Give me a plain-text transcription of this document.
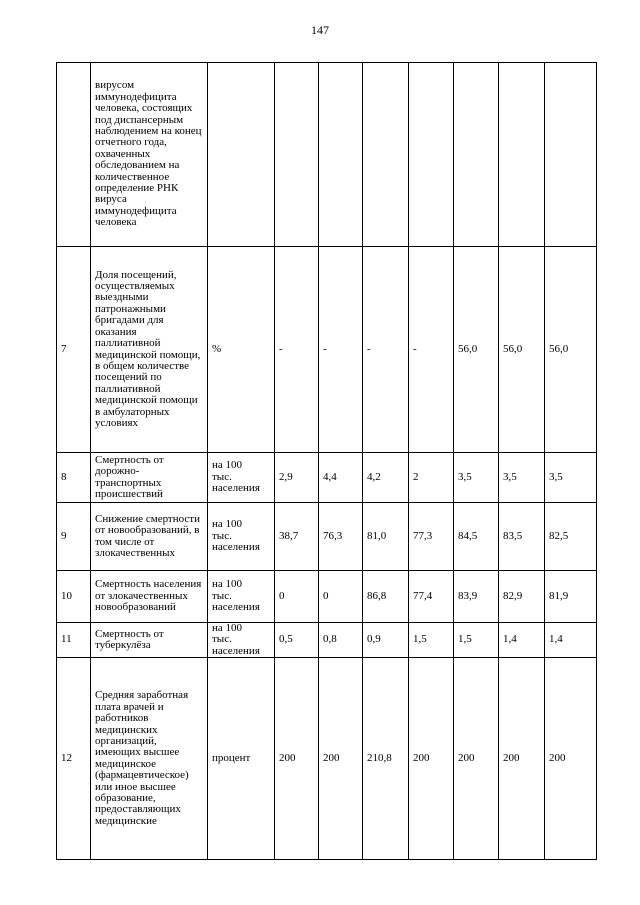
147
	вирусом иммунодефицита человека, состоящих под диспансерным наблюдением на конец отчетного года, охваченных обследованием на количественное определение РНК вируса иммунодефицита человека	

7	Доля посещений, осуществляемых выездными патронажными бригадами для оказания паллиативной медицинской помощи, в общем количестве посещений по паллиативной медицинской помощи в амбулаторных условиях	%	-	-	-	-	56,0	56,0	56,0
8	Смертность от дорожно-транспортных происшествий	на 100
тыс.
населения	2,9	4,4	4,2	2	3,5	3,5	3,5
9	Снижение смертности от новообразований, в том числе от злокачественных	на 100
тыс.
населения	38,7	76,3	81,0	77,3	84,5	83,5	82,5
10	Смертность населения от злокачественных новообразований	на 100
тыс.
населения	0	0	86,8	77,4	83,9	82,9	81,9
11	Смертность от туберкулёза	на 100
тыс.
населения	0,5	0,8	0,9	1,5	1,5	1,4	1,4
12	Средняя заработная плата врачей и работников медицинских организаций, имеющих высшее медицинское (фармацевтическое) или иное высшее образование, предоставляющих медицинские	процент	200	200	210,8	200	200	200	200
